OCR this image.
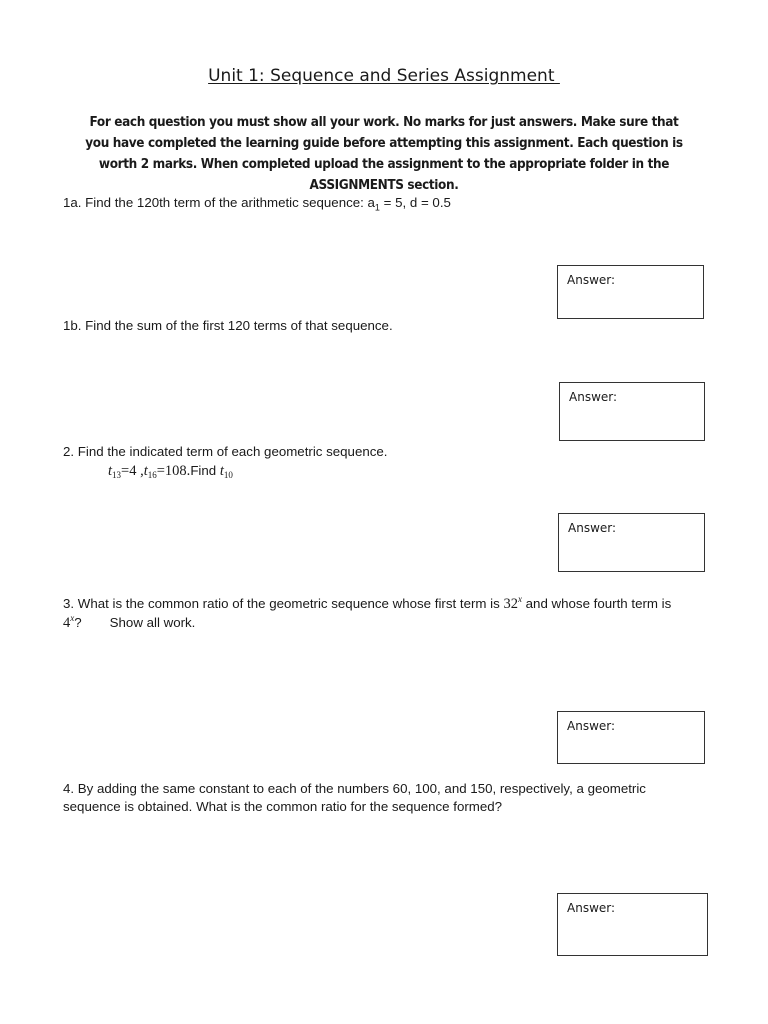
Unit 1: Sequence and Series Assignment
For each question you must show all your work. No marks for just answers. Make sure that you have completed the learning guide before attempting this assignment. Each question is worth 2 marks. When completed upload the assignment to the appropriate folder in the ASSIGNMENTS section.
1a. Find the 120th term of the arithmetic sequence: $a_1 = 5$, d = 0.5
Answer:
1b. Find the sum of the first 120 terms of that sequence.
Answer:
2. Find the indicated term of each geometric sequence.
$t_{13}=4$ $,t_{16}=108.Find$ $t_{10}$
Answer:
3. What is the common ratio of the geometric sequence whose first term is 32$^x$ and whose fourth term is
4$^x$? Show all work.
Answer:
4. By adding the same constant to each of the numbers 60, 100, and 150, respectively, a geometric sequence is obtained. What is the common ratio for the sequence formed?
Answer:
